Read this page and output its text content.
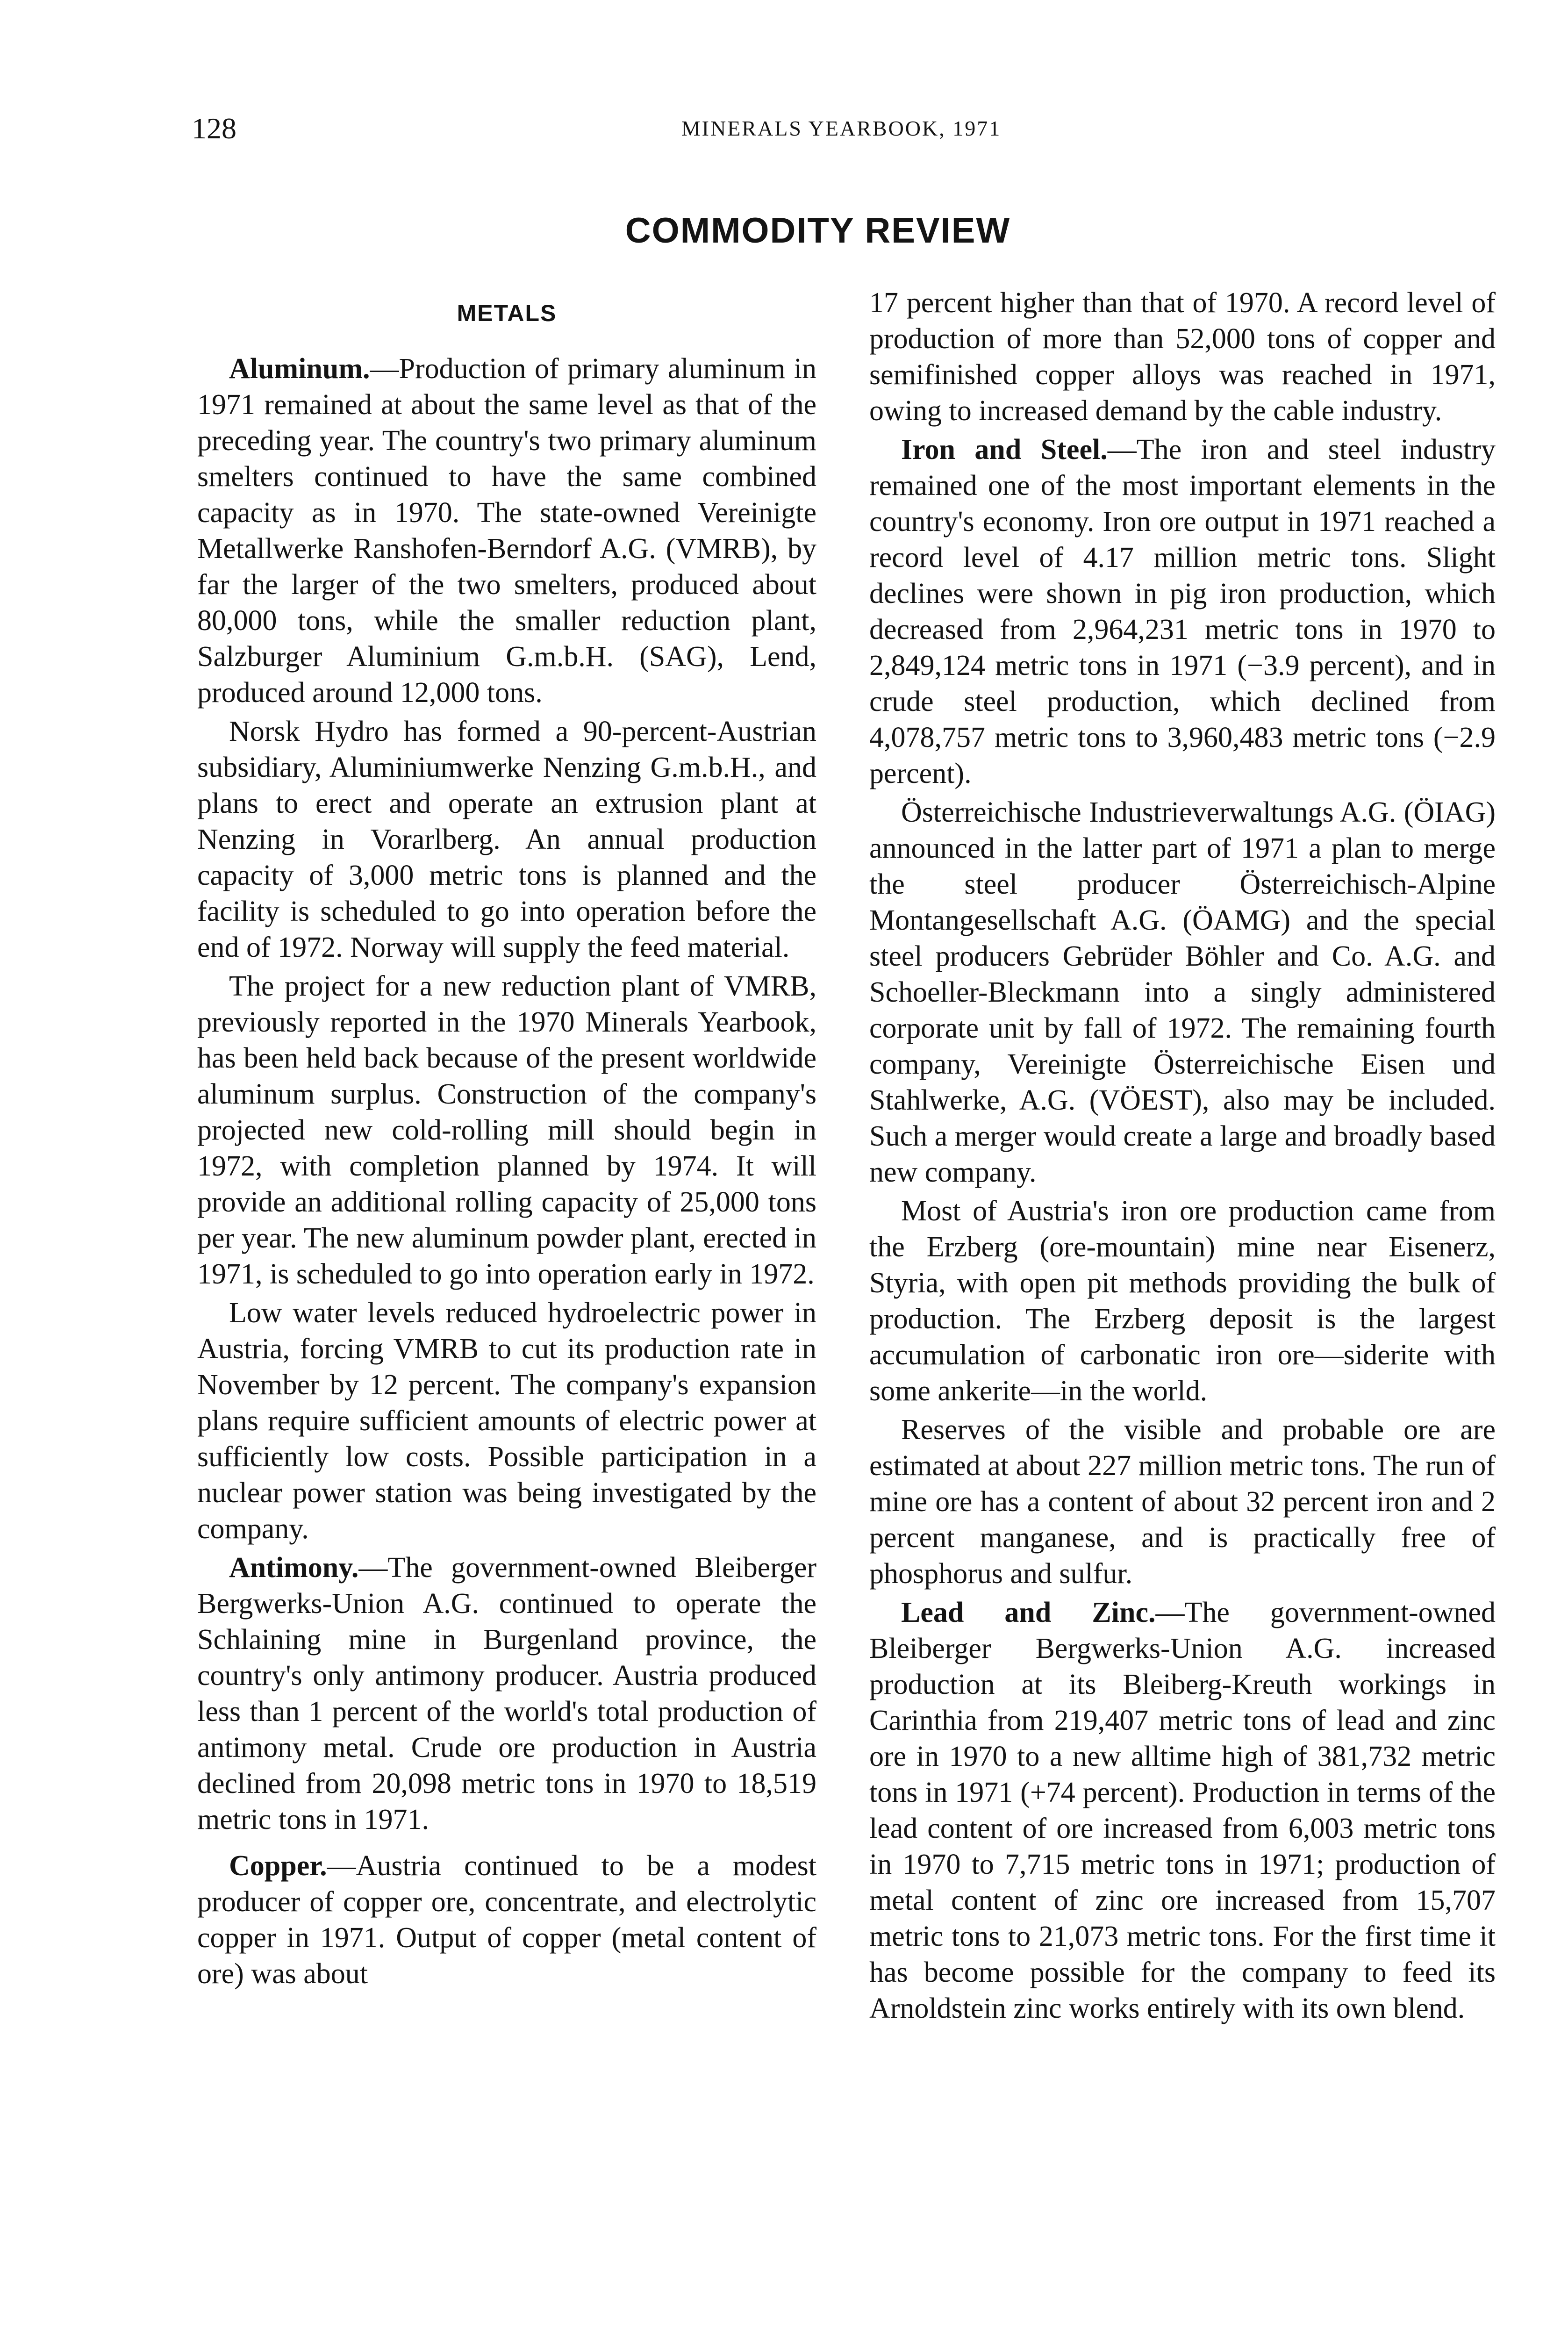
128	MINERALS YEARBOOK, 1971
COMMODITY REVIEW
METALS

Aluminum.—Production of primary aluminum in 1971 remained at about the same level as that of the preceding year. The country's two primary aluminum smelters continued to have the same combined capacity as in 1970. The state-owned Vereinigte Metallwerke Ranshofen-Berndorf A.G. (VMRB), by far the larger of the two smelters, produced about 80,000 tons, while the smaller reduction plant, Salzburger Aluminium G.m.b.H. (SAG), Lend, produced around 12,000 tons.

Norsk Hydro has formed a 90-percent-Austrian subsidiary, Aluminiumwerke Nenzing G.m.b.H., and plans to erect and operate an extrusion plant at Nenzing in Vorarlberg. An annual production capacity of 3,000 metric tons is planned and the facility is scheduled to go into operation before the end of 1972. Norway will supply the feed material.

The project for a new reduction plant of VMRB, previously reported in the 1970 Minerals Yearbook, has been held back because of the present worldwide aluminum surplus. Construction of the company's projected new cold-rolling mill should begin in 1972, with completion planned by 1974. It will provide an additional rolling capacity of 25,000 tons per year. The new aluminum powder plant, erected in 1971, is scheduled to go into operation early in 1972.

Low water levels reduced hydroelectric power in Austria, forcing VMRB to cut its production rate in November by 12 percent. The company's expansion plans require sufficient amounts of electric power at sufficiently low costs. Possible participation in a nuclear power station was being investigated by the company.

Antimony.—The government-owned Bleiberger Bergwerks-Union A.G. continued to operate the Schlaining mine in Burgenland province, the country's only antimony producer. Austria produced less than 1 percent of the world's total production of antimony metal. Crude ore production in Austria declined from 20,098 metric tons in 1970 to 18,519 metric tons in 1971.

Copper.—Austria continued to be a modest producer of copper ore, concentrate, and electrolytic copper in 1971. Output of copper (metal content of ore) was about

17 percent higher than that of 1970. A record level of production of more than 52,000 tons of copper and semifinished copper alloys was reached in 1971, owing to increased demand by the cable industry.

Iron and Steel.—The iron and steel industry remained one of the most important elements in the country's economy. Iron ore output in 1971 reached a record level of 4.17 million metric tons. Slight declines were shown in pig iron production, which decreased from 2,964,231 metric tons in 1970 to 2,849,124 metric tons in 1971 (−3.9 percent), and in crude steel production, which declined from 4,078,757 metric tons to 3,960,483 metric tons (−2.9 percent).

Österreichische Industrieverwaltungs A.G. (ÖIAG) announced in the latter part of 1971 a plan to merge the steel producer Österreichisch-Alpine Montangesellschaft A.G. (ÖAMG) and the special steel producers Gebrüder Böhler and Co. A.G. and Schoeller-Bleckmann into a singly administered corporate unit by fall of 1972. The remaining fourth company, Vereinigte Österreichische Eisen und Stahlwerke, A.G. (VÖEST), also may be included. Such a merger would create a large and broadly based new company.

Most of Austria's iron ore production came from the Erzberg (ore-mountain) mine near Eisenerz, Styria, with open pit methods providing the bulk of production. The Erzberg deposit is the largest accumulation of carbonatic iron ore—siderite with some ankerite—in the world.

Reserves of the visible and probable ore are estimated at about 227 million metric tons. The run of mine ore has a content of about 32 percent iron and 2 percent manganese, and is practically free of phosphorus and sulfur.

Lead and Zinc.—The government-owned Bleiberger Bergwerks-Union A.G. increased production at its Bleiberg-Kreuth workings in Carinthia from 219,407 metric tons of lead and zinc ore in 1970 to a new alltime high of 381,732 metric tons in 1971 (+74 percent). Production in terms of the lead content of ore increased from 6,003 metric tons in 1970 to 7,715 metric tons in 1971; production of metal content of zinc ore increased from 15,707 metric tons to 21,073 metric tons. For the first time it has become possible for the company to feed its Arnoldstein zinc works entirely with its own blend.
